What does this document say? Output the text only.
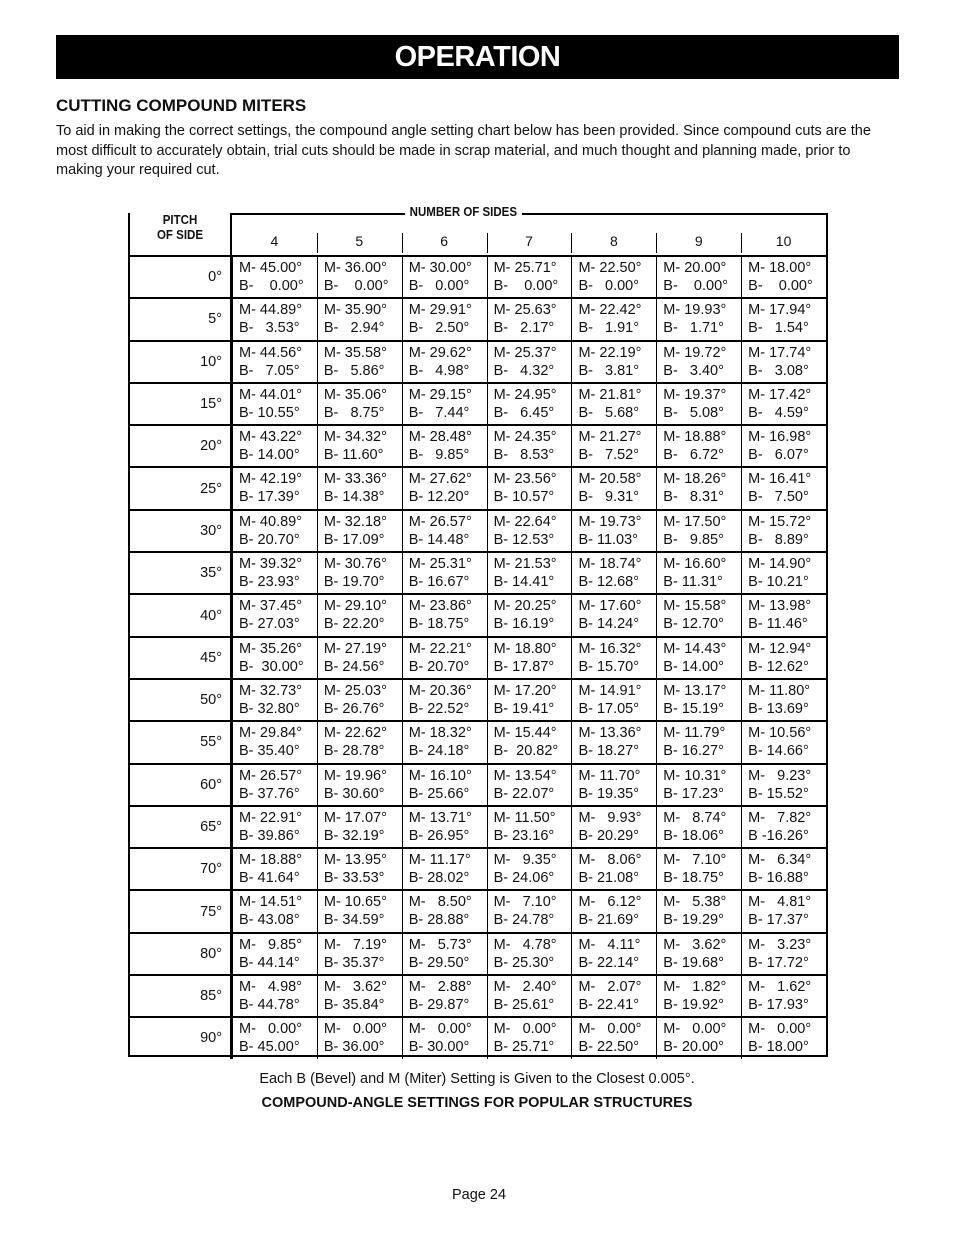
OPERATION
CUTTING COMPOUND MITERS
To aid in making the correct settings, the compound angle setting chart below has been provided. Since compound cuts are the most difficult to accurately obtain, trial cuts should be made in scrap material, and much thought and planning made, prior to making your required cut.
NUMBER OF SIDES
PITCH
OF SIDE	4	5	6	7	8	9	10
0°
M- 45.00°
B-    0.00°
M- 36.00°
B-    0.00°
M- 30.00°
B-   0.00°
M- 25.71°
B-    0.00°
M- 22.50°
B-   0.00°
M- 20.00°
B-    0.00°
M- 18.00°
B-    0.00°
5°
M- 44.89°
B-   3.53°
M- 35.90°
B-   2.94°
M- 29.91°
B-   2.50°
M- 25.63°
B-   2.17°
M- 22.42°
B-   1.91°
M- 19.93°
B-   1.71°
M- 17.94°
B-   1.54°
10°
M- 44.56°
B-   7.05°
M- 35.58°
B-   5.86°
M- 29.62°
B-   4.98°
M- 25.37°
B-   4.32°
M- 22.19°
B-   3.81°
M- 19.72°
B-   3.40°
M- 17.74°
B-   3.08°
15°
M- 44.01°
B- 10.55°
M- 35.06°
B-   8.75°
M- 29.15°
B-   7.44°
M- 24.95°
B-   6.45°
M- 21.81°
B-   5.68°
M- 19.37°
B-   5.08°
M- 17.42°
B-   4.59°
20°
M- 43.22°
B- 14.00°
M- 34.32°
B- 11.60°
M- 28.48°
B-   9.85°
M- 24.35°
B-   8.53°
M- 21.27°
B-   7.52°
M- 18.88°
B-   6.72°
M- 16.98°
B-   6.07°
25°
M- 42.19°
B- 17.39°
M- 33.36°
B- 14.38°
M- 27.62°
B- 12.20°
M- 23.56°
B- 10.57°
M- 20.58°
B-   9.31°
M- 18.26°
B-   8.31°
M- 16.41°
B-   7.50°
30°
M- 40.89°
B- 20.70°
M- 32.18°
B- 17.09°
M- 26.57°
B- 14.48°
M- 22.64°
B- 12.53°
M- 19.73°
B- 11.03°
M- 17.50°
B-   9.85°
M- 15.72°
B-   8.89°
35°
M- 39.32°
B- 23.93°
M- 30.76°
B- 19.70°
M- 25.31°
B- 16.67°
M- 21.53°
B- 14.41°
M- 18.74°
B- 12.68°
M- 16.60°
B- 11.31°
M- 14.90°
B- 10.21°
40°
M- 37.45°
B- 27.03°
M- 29.10°
B- 22.20°
M- 23.86°
B- 18.75°
M- 20.25°
B- 16.19°
M- 17.60°
B- 14.24°
M- 15.58°
B- 12.70°
M- 13.98°
B- 11.46°
45°
M- 35.26°
B-  30.00°
M- 27.19°
B- 24.56°
M- 22.21°
B- 20.70°
M- 18.80°
B- 17.87°
M- 16.32°
B- 15.70°
M- 14.43°
B- 14.00°
M- 12.94°
B- 12.62°
50°
M- 32.73°
B- 32.80°
M- 25.03°
B- 26.76°
M- 20.36°
B- 22.52°
M- 17.20°
B- 19.41°
M- 14.91°
B- 17.05°
M- 13.17°
B- 15.19°
M- 11.80°
B- 13.69°
55°
M- 29.84°
B- 35.40°
M- 22.62°
B- 28.78°
M- 18.32°
B- 24.18°
M- 15.44°
B-  20.82°
M- 13.36°
B- 18.27°
M- 11.79°
B- 16.27°
M- 10.56°
B- 14.66°
60°
M- 26.57°
B- 37.76°
M- 19.96°
B- 30.60°
M- 16.10°
B- 25.66°
M- 13.54°
B- 22.07°
M- 11.70°
B- 19.35°
M- 10.31°
B- 17.23°
M-   9.23°
B- 15.52°
65°
M- 22.91°
B- 39.86°
M- 17.07°
B- 32.19°
M- 13.71°
B- 26.95°
M- 11.50°
B- 23.16°
M-   9.93°
B- 20.29°
M-   8.74°
B- 18.06°
M-   7.82°
B -16.26°
70°
M- 18.88°
B- 41.64°
M- 13.95°
B- 33.53°
M- 11.17°
B- 28.02°
M-   9.35°
B- 24.06°
M-   8.06°
B- 21.08°
M-   7.10°
B- 18.75°
M-   6.34°
B- 16.88°
75°
M- 14.51°
B- 43.08°
M- 10.65°
B- 34.59°
M-   8.50°
B- 28.88°
M-   7.10°
B- 24.78°
M-   6.12°
B- 21.69°
M-   5.38°
B- 19.29°
M-   4.81°
B- 17.37°
80°
M-   9.85°
B- 44.14°
M-   7.19°
B- 35.37°
M-   5.73°
B- 29.50°
M-   4.78°
B- 25.30°
M-   4.11°
B- 22.14°
M-   3.62°
B- 19.68°
M-   3.23°
B- 17.72°
85°
M-   4.98°
B- 44.78°
M-   3.62°
B- 35.84°
M-   2.88°
B- 29.87°
M-   2.40°
B- 25.61°
M-   2.07°
B- 22.41°
M-   1.82°
B- 19.92°
M-   1.62°
B- 17.93°
90°
M-   0.00°
B- 45.00°
M-   0.00°
B- 36.00°
M-   0.00°
B- 30.00°
M-   0.00°
B- 25.71°
M-   0.00°
B- 22.50°
M-   0.00°
B- 20.00°
M-   0.00°
B- 18.00°
Each B (Bevel) and M (Miter) Setting is Given to the Closest 0.005°.
COMPOUND-ANGLE SETTINGS FOR POPULAR STRUCTURES
Page 24
